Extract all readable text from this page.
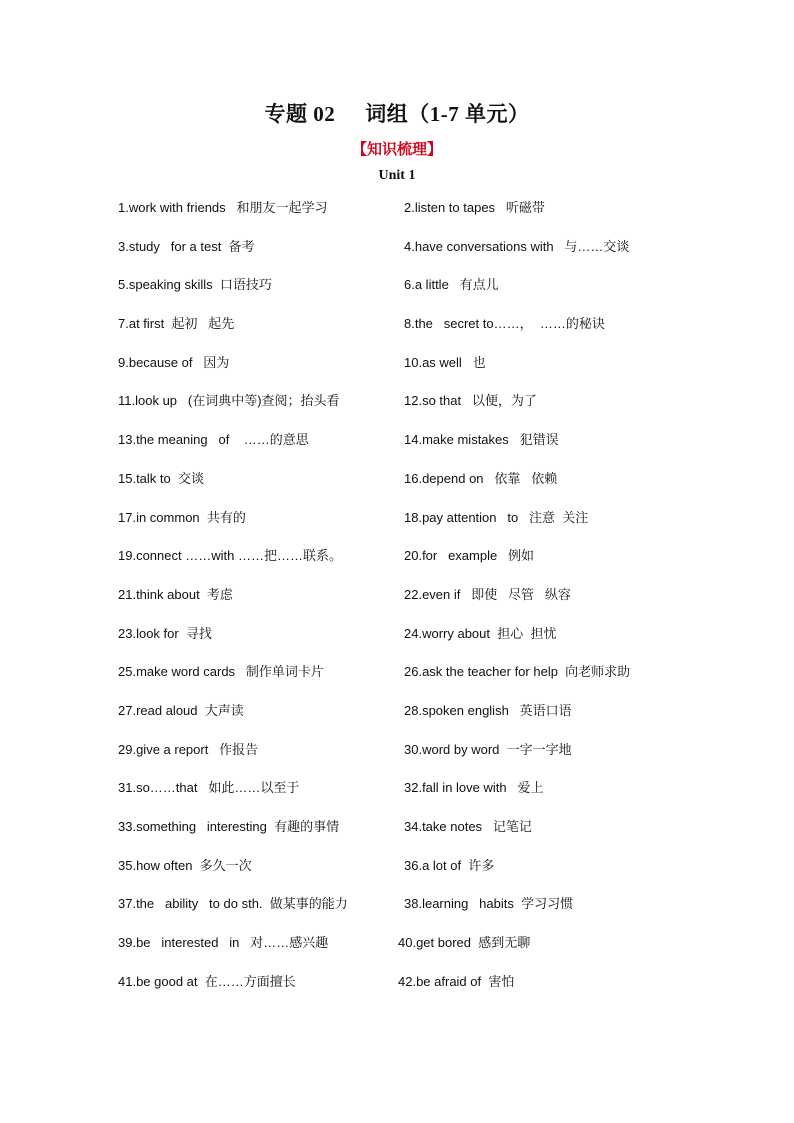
专题 02 词组（1-7 单元）
【知识梳理】
Unit 1
1.work with friends   和朋友一起学习	2.listen to tapes   听磁带
3.study   for a test  备考	4.have conversations with   与……交谈
5.speaking skills  口语技巧	6.a little   有点儿
7.at first  起初   起先	8.the   secret to……，  ……的秘诀
9.because of   因为	10.as well   也
11.look up   (在词典中等)查阅；抬头看	12.so that   以便，为了
13.the meaning   of    ……的意思	14.make mistakes   犯错误
15.talk to  交谈	16.depend on   依靠   依赖
17.in common  共有的	18.pay attention   to   注意  关注
19.connect ……with ……把……联系。	20.for   example   例如
21.think about  考虑	22.even if   即使   尽管   纵容
23.look for  寻找	24.worry about  担心  担忧
25.make word cards   制作单词卡片	26.ask the teacher for help  向老师求助
27.read aloud  大声读	28.spoken english   英语口语
29.give a report   作报告	30.word by word  一字一字地
31.so……that   如此……以至于	32.fall in love with   爱上
33.something   interesting  有趣的事情	34.take notes   记笔记
35.how often  多久一次	36.a lot of  许多
37.the   ability   to do sth.  做某事的能力	38.learning   habits  学习习惯
39.be   interested   in   对……感兴趣	40.get bored  感到无聊
41.be good at  在……方面擅长	42.be afraid of  害怕
